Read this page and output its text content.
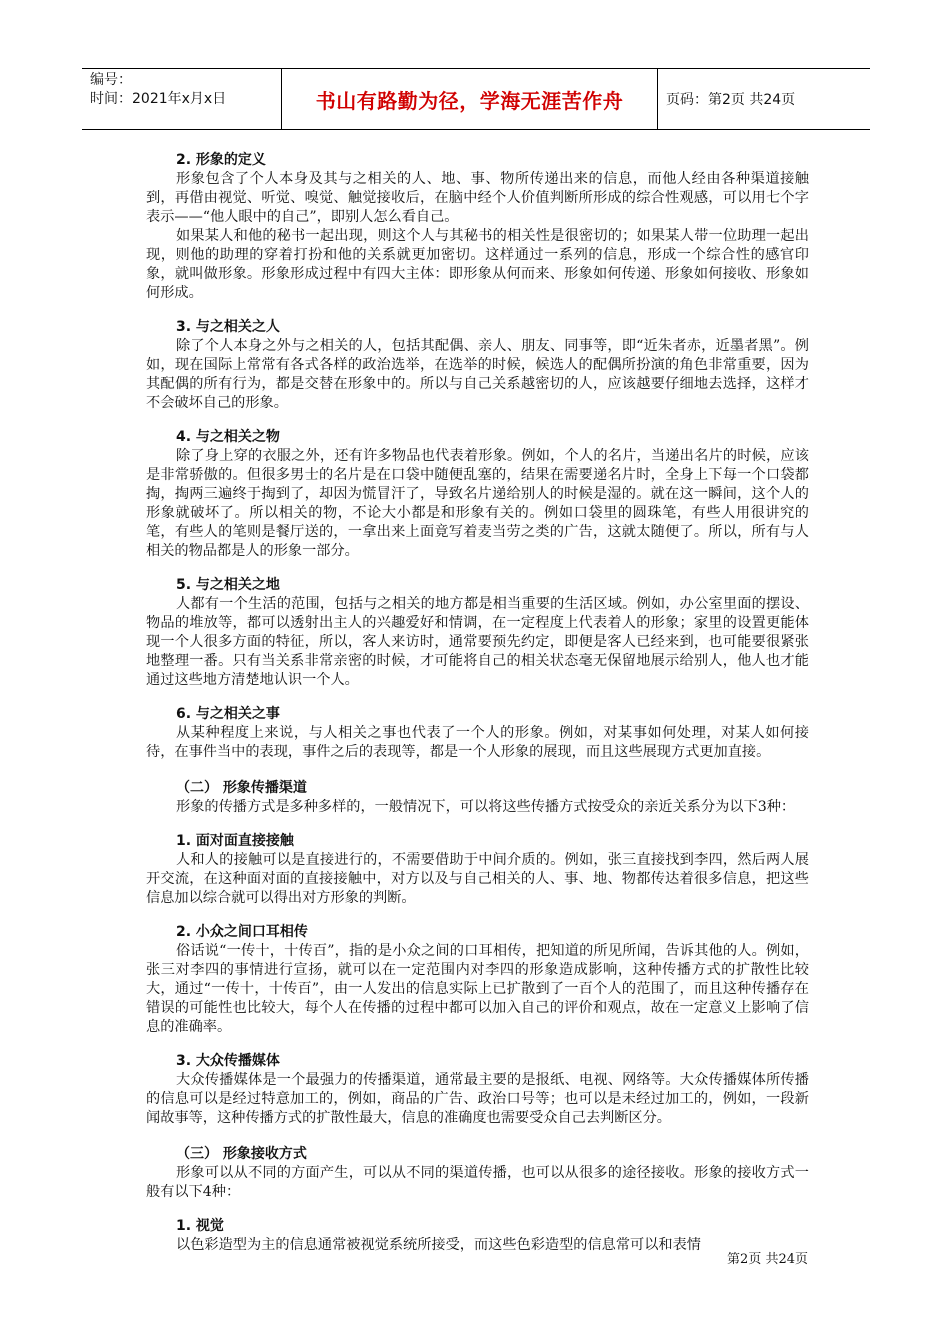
编号：
时间：2021年x月x日	书山有路勤为径，学海无涯苦作舟	页码：第2页 共24页
2. 形象的定义

形象包含了个人本身及其与之相关的人、地、事、物所传递出来的信息，而他人经由各种渠道接触到，再借由视觉、听觉、嗅觉、触觉接收后，在脑中经个人价值判断所形成的综合性观感，可以用七个字表示——“他人眼中的自己”，即别人怎么看自己。

如果某人和他的秘书一起出现，则这个人与其秘书的相关性是很密切的；如果某人带一位助理一起出现，则他的助理的穿着打扮和他的关系就更加密切。这样通过一系列的信息，形成一个综合性的感官印象，就叫做形象。形象形成过程中有四大主体：即形象从何而来、形象如何传递、形象如何接收、形象如何形成。

3. 与之相关之人

除了个人本身之外与之相关的人，包括其配偶、亲人、朋友、同事等，即“近朱者赤，近墨者黑”。例如，现在国际上常常有各式各样的政治选举，在选举的时候，候选人的配偶所扮演的角色非常重要，因为其配偶的所有行为，都是交替在形象中的。所以与自己关系越密切的人，应该越要仔细地去选择，这样才不会破坏自己的形象。

4. 与之相关之物

除了身上穿的衣服之外，还有许多物品也代表着形象。例如，个人的名片，当递出名片的时候，应该是非常骄傲的。但很多男士的名片是在口袋中随便乱塞的，结果在需要递名片时，全身上下每一个口袋都掏，掏两三遍终于掏到了，却因为慌冒汗了，导致名片递给别人的时候是湿的。就在这一瞬间，这个人的形象就破坏了。所以相关的物，不论大小都是和形象有关的。例如口袋里的圆珠笔，有些人用很讲究的笔，有些人的笔则是餐厅送的，一拿出来上面竟写着麦当劳之类的广告，这就太随便了。所以，所有与人相关的物品都是人的形象一部分。

5. 与之相关之地

人都有一个生活的范围，包括与之相关的地方都是相当重要的生活区域。例如，办公室里面的摆设、物品的堆放等，都可以透射出主人的兴趣爱好和情调，在一定程度上代表着人的形象；家里的设置更能体现一个人很多方面的特征，所以，客人来访时，通常要预先约定，即便是客人已经来到，也可能要很紧张地整理一番。只有当关系非常亲密的时候，才可能将自己的相关状态毫无保留地展示给别人，他人也才能通过这些地方清楚地认识一个人。

6. 与之相关之事

从某种程度上来说，与人相关之事也代表了一个人的形象。例如，对某事如何处理，对某人如何接待，在事件当中的表现，事件之后的表现等，都是一个人形象的展现，而且这些展现方式更加直接。

（二） 形象传播渠道

形象的传播方式是多种多样的，一般情况下，可以将这些传播方式按受众的亲近关系分为以下3种：

1. 面对面直接接触

人和人的接触可以是直接进行的，不需要借助于中间介质的。例如，张三直接找到李四，然后两人展开交流，在这种面对面的直接接触中，对方以及与自己相关的人、事、地、物都传达着很多信息，把这些信息加以综合就可以得出对方形象的判断。

2. 小众之间口耳相传

俗话说“一传十，十传百”，指的是小众之间的口耳相传，把知道的所见所闻，告诉其他的人。例如，张三对李四的事情进行宣扬，就可以在一定范围内对李四的形象造成影响，这种传播方式的扩散性比较大，通过“一传十，十传百”，由一人发出的信息实际上已扩散到了一百个人的范围了，而且这种传播存在错误的可能性也比较大，每个人在传播的过程中都可以加入自己的评价和观点，故在一定意义上影响了信息的准确率。

3. 大众传播媒体

大众传播媒体是一个最强力的传播渠道，通常最主要的是报纸、电视、网络等。大众传播媒体所传播的信息可以是经过特意加工的，例如，商品的广告、政治口号等；也可以是未经过加工的，例如，一段新闻故事等，这种传播方式的扩散性最大，信息的准确度也需要受众自己去判断区分。

（三） 形象接收方式

形象可以从不同的方面产生，可以从不同的渠道传播，也可以从很多的途径接收。形象的接收方式一般有以下4种：

1. 视觉

以色彩造型为主的信息通常被视觉系统所接受，而这些色彩造型的信息常可以和表情

第2页 共24页
